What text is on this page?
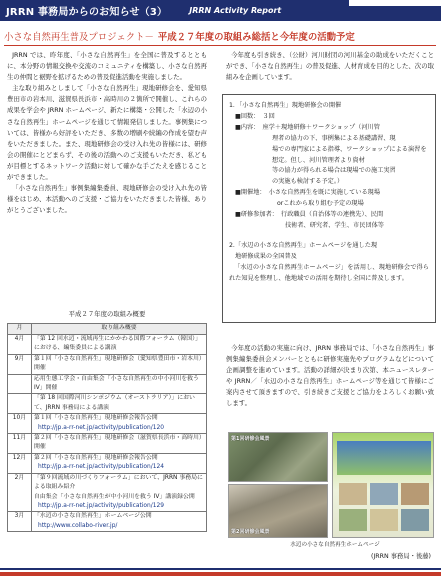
JRRN 事務局からのお知らせ（3）	JRRN Activity Report
小さな自然再生普及プロジェクト－ 平成２７年度の取組み総括と今年度の活動予定

JRRN では、昨年度、「小さな自然再生」を全国に普及するとともに、本分野の情報交換や交流のコミュニティを構築し、小さな自然再生の仲間と裾野を拡げるための普及促進活動を実施しました。

主な取り組みとしまして「小さな自然再生」現地研修会を、愛知県豊田市の岩本川、滋賀県長浜市・高時川の２箇所で開催し、これらの成果を学会や JRRN ホームページ、新たに構築・公開した「水辺の小さな自然再生」ホームページを通じて情報発信しました。事例集については、皆様から好評をいただき、多数の増刷や続編の作成を望む声をいただきました。また、現地研修会の受け入れ先の皆様には、研修会の開催にとどまらず、その後の活動へのご支援もいただき、私どもが目標とするネットワーク活動に対して確かな手ごたえを感じることができました。

「小さな自然再生」事例集編集委員、現地研修会の受け入れ先の皆様をはじめ、本活動へのご支援・ご協力をいただきました皆様、ありがとうございました。

平成２７年度の取組み概要
月	取り組み概要
4月	「第 12 回水辺・流域再生にかかわる国際フォーラム（韓国）」における、編集委員による講演

9月	第１回「小さな自然再生」現地研修会（愛知県豊田市・岩本川）開催

	応用生態工学会・自由集会「小さな自然再生の中小河川を救う IV」開催

	「第 18 回国際河川シンポジウム（オーストラリア）」において、JRRN 事務局による講演

10月	第１回「小さな自然再生」現地研修会報告公開
http://jp.a-rr-net.jp/activity/publication/120

11月	第２回「小さな自然再生」現地研修会（滋賀県長浜市・高時川）開催

12月	第２回「小さな自然再生」現地研修会報告公開
http://jp.a-rr-net.jp/activity/publication/124

2月	「第９回流域の川づくりフォーラム」において、JRRN 事務局による取組み紹介
自由集会「小さな自然再生が中小河川を救う IV」講演録公開
http://jp.a-rr-net.jp/activity/publication/129

3月	「水辺の小さな自然再生」ホームページ公開
http://www.collabo-river.jp/

今年度も引き続き、（公財）河川財団の河川基金の助成をいただくことができ、「小さな自然再生」の普及促進、人材育成を目的とした、次の取組みを企画しています。

1．「小さな自然再生」現地研修会の開催
■回数：　３回
■内容：　座学＋現地研修＋ワークショップ（河川管
理者の協力の下、事例集による基礎講習、現
場での専門家による指導、ワークショップによる演習を想定。但し、河川管理者より資材
等の協力が得られる場合は現場での施工実習
の実施も検討する予定。）
■開催地：　小さな自然再生を既に実施している現場
orこれから取り組む予定の現場
■研修参加者：　行政職員（自治体等の連携先）、民間
技術者、研究者、学生、市民団体等
2.「水辺の小さな自然再生」ホームページを通した現
地研修成果の全国普及
「水辺の小さな自然再生ホームページ」を活用し、現地研修会で得られた知見を整理し、他地域での活用を期待し全国に普及します。

今年度の活動の実施に向け、JRRN 事務局では、「小さな自然再生」事例集編集委員会メンバーとともに研修実施先やプログラムなどについて企画調整を進めています。活動の詳細が決まり次第、本ニュースレターや JRRN／「水辺の小さな自然再生」ホームページ等を通じて皆様にご案内させて頂きますので、引き続きご支援とご協力をよろしくお願い致します。

第1回研修会風景
第2回研修会風景
水辺の小さな自然再生ホームページ
(JRRN 事務局・後藤)
